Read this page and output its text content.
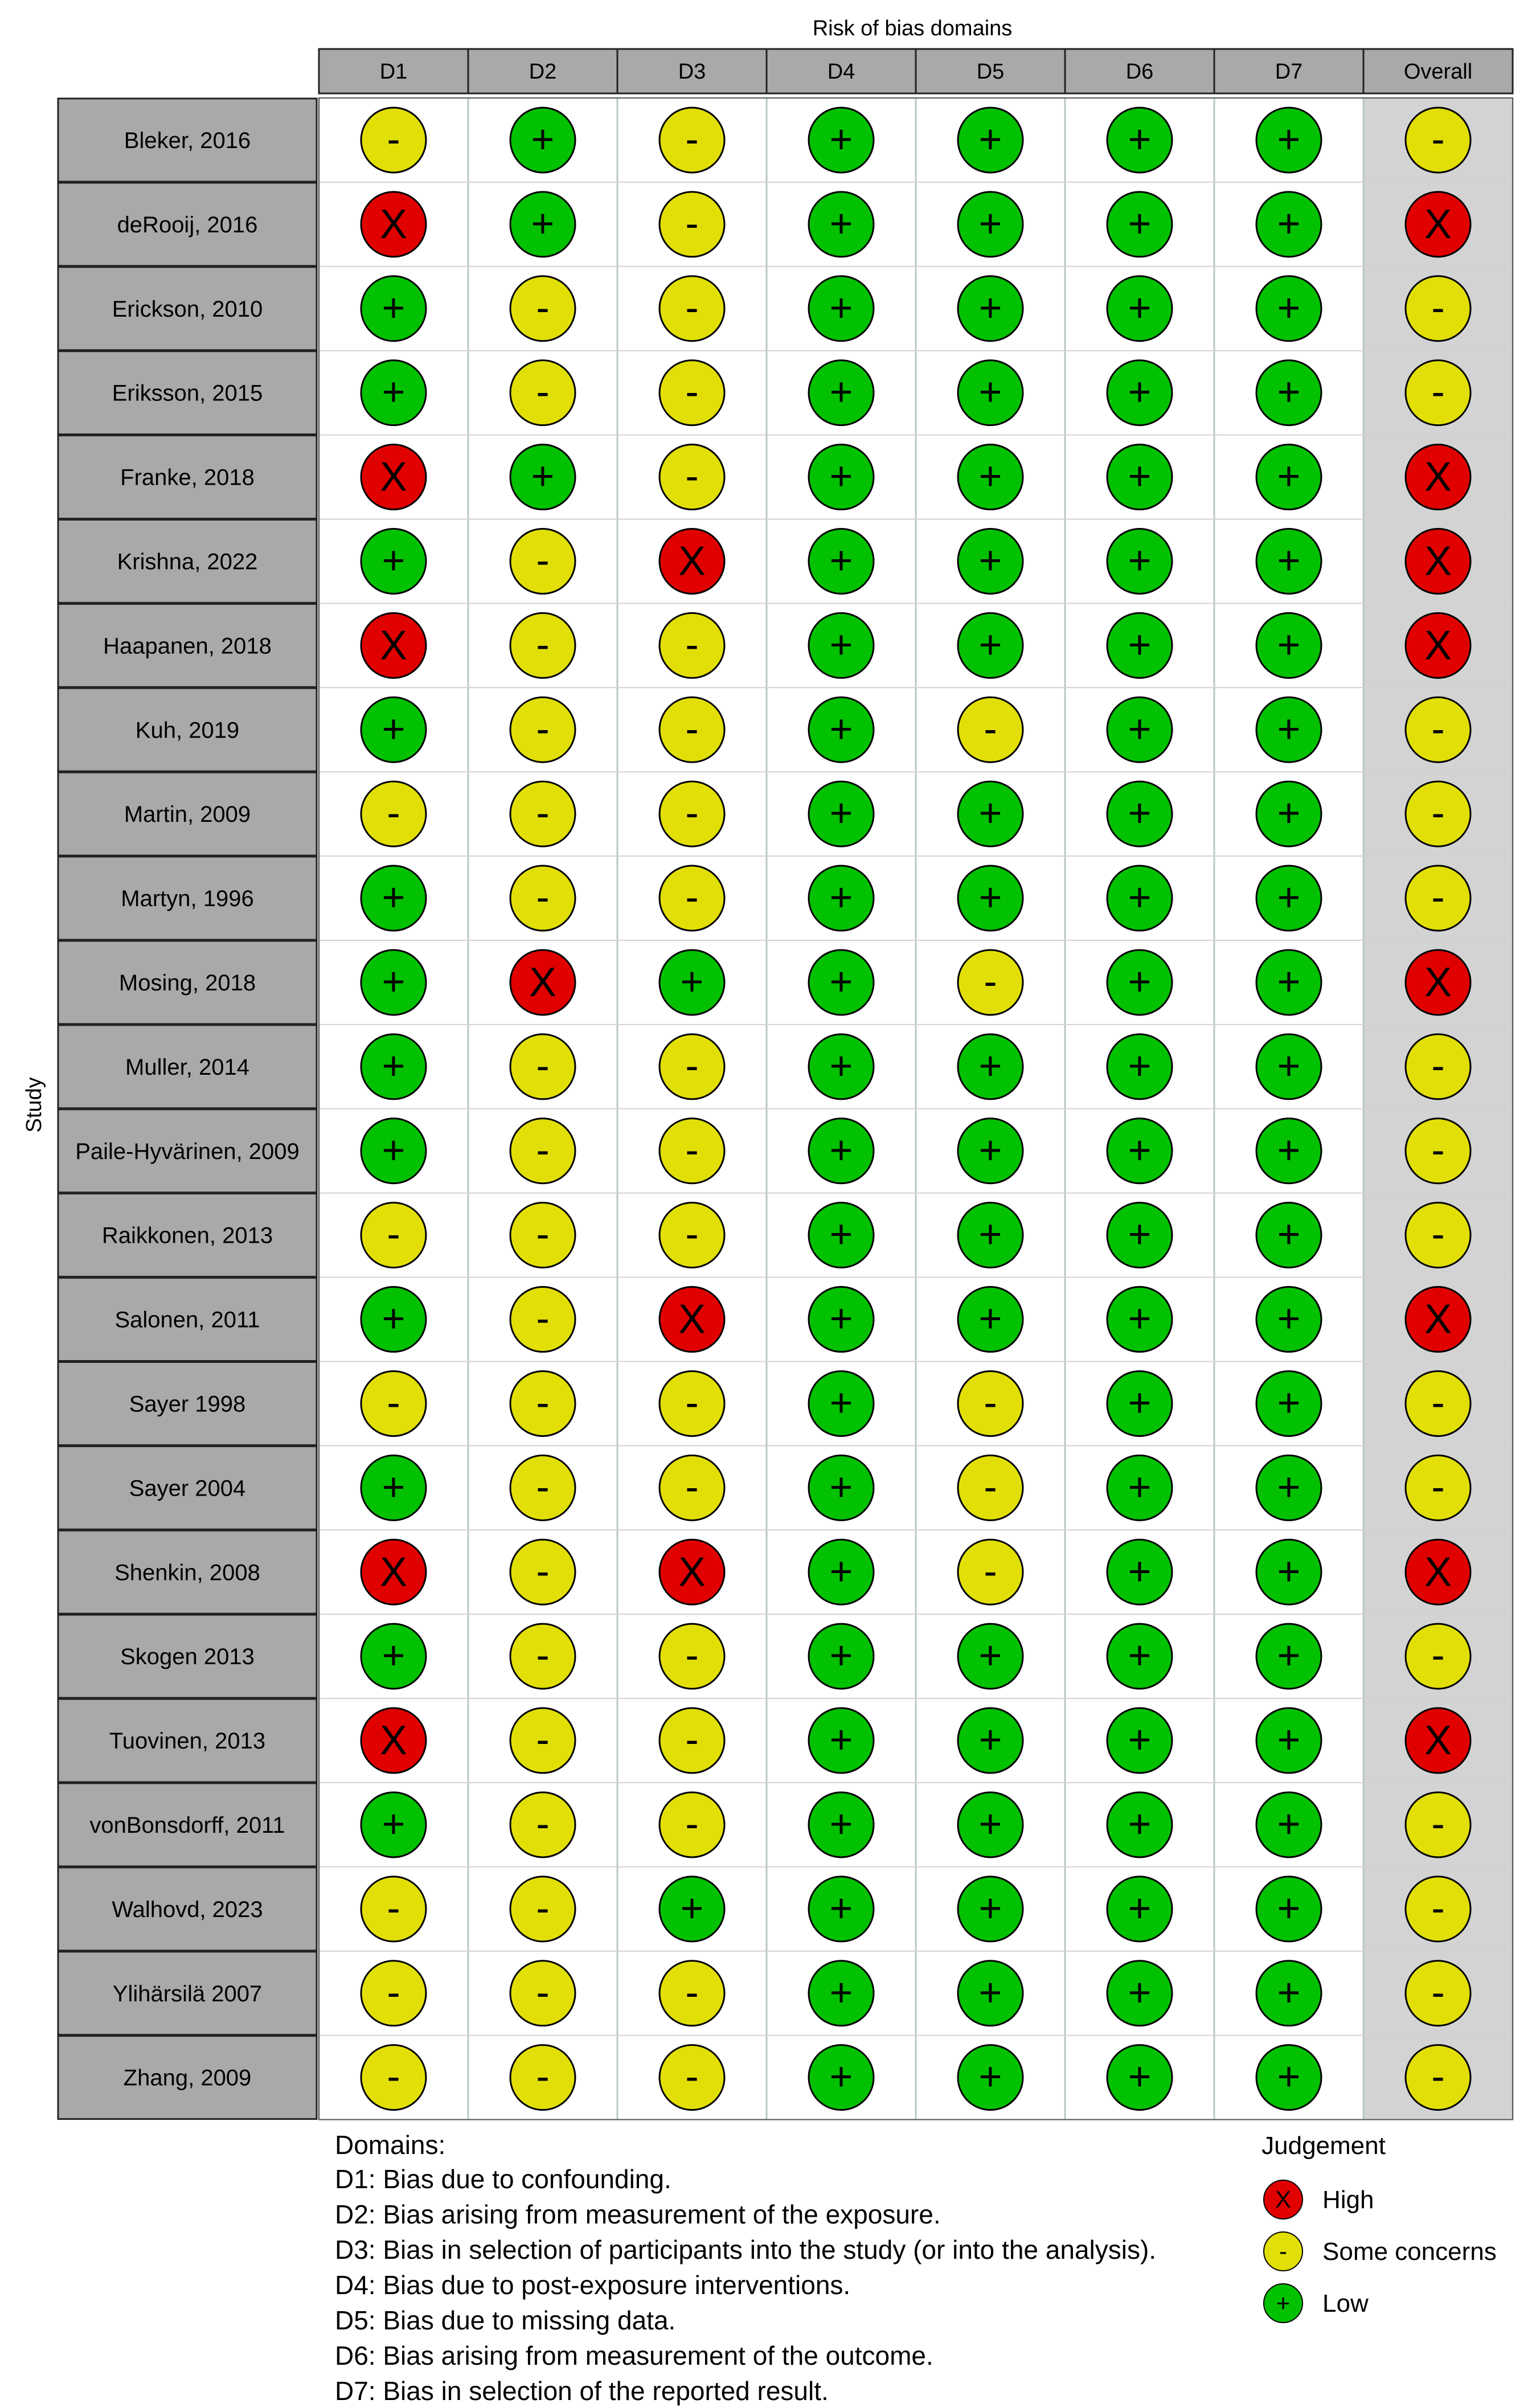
Risk of bias domains
Study
D1	D2	D3	D4	D5	D6	D7	Overall
Bleker, 2016	-	+	-	+	+	+	+	-
deRooij, 2016	X	+	-	+	+	+	+	X
Erickson, 2010	+	-	-	+	+	+	+	-
Eriksson, 2015	+	-	-	+	+	+	+	-
Franke, 2018	X	+	-	+	+	+	+	X
Krishna, 2022	+	-	X	+	+	+	+	X
Haapanen, 2018	X	-	-	+	+	+	+	X
Kuh, 2019	+	-	-	+	-	+	+	-
Martin, 2009	-	-	-	+	+	+	+	-
Martyn, 1996	+	-	-	+	+	+	+	-
Mosing, 2018	+	X	+	+	-	+	+	X
Muller, 2014	+	-	-	+	+	+	+	-
Paile-Hyvärinen, 2009 +	-	-	+	+	+	+	-
Raikkonen, 2013	-	-	-	+	+	+	+	-
Salonen, 2011	+	-	X	+	+	+	+	X
Sayer 1998	-	-	-	+	-	+	+	-
Sayer 2004	+	-	-	+	-	+	+	-
Shenkin, 2008	X	-	X	+	-	+	+	X
Skogen 2013	+	-	-	+	+	+	+	-
Tuovinen, 2013	X	-	-	+	+	+	+	X
vonBonsdorff, 2011 +	-	-	+	+	+	+	-
Walhovd, 2023	-	-	+	+	+	+	+	-
Ylihärsilä 2007	-	-	-	+	+	+	+	-
Zhang, 2009	-	-	-	+	+	+	+	-
Domains:
D1: Bias due to confounding.
D2: Bias arising from measurement of the exposure.
D3: Bias in selection of participants into the study (or into the analysis).
D4: Bias due to post-exposure interventions.
D5: Bias due to missing data.
D6: Bias arising from measurement of the outcome.
D7: Bias in selection of the reported result.
Judgement
X High
- Some concerns
+ Low
